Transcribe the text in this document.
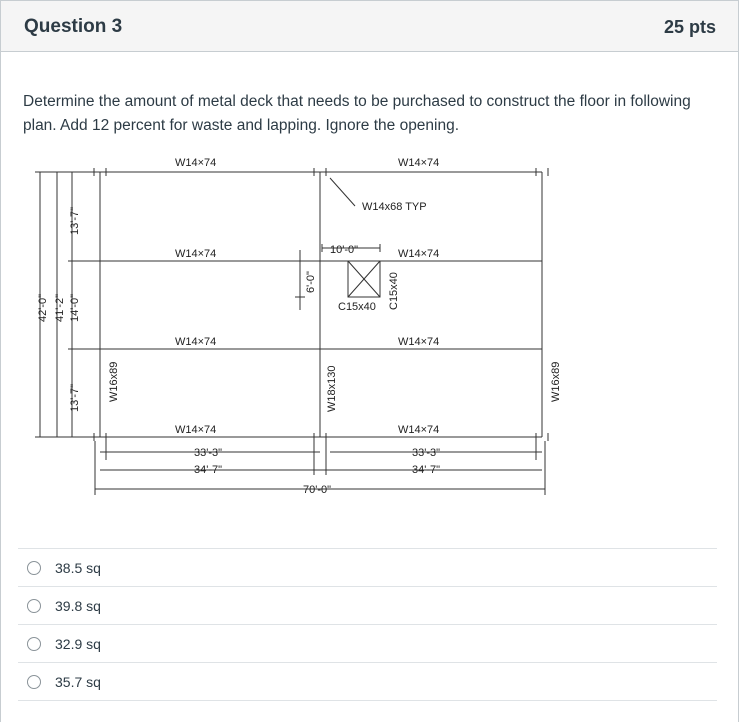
Question 3	25 pts
Determine the amount of metal deck that needs to be purchased to construct the floor in following plan. Add 12 percent for waste and lapping. Ignore the opening.
W14×74	W14×74
W14x68 TYP
W14×74	W14×74
W14×74	W14×74
W14×74	W14×74
10'-0"
C15x40
W16x89	W18x130	W16x89
C15x40
6'-0"
42'-0" 41'-2" 14'-0"
13'-7"
13'-7"
33'-3"
34'-7"
33'-3"
34'-7"
70'-0"
38.5 sq
39.8 sq
32.9 sq
35.7 sq
